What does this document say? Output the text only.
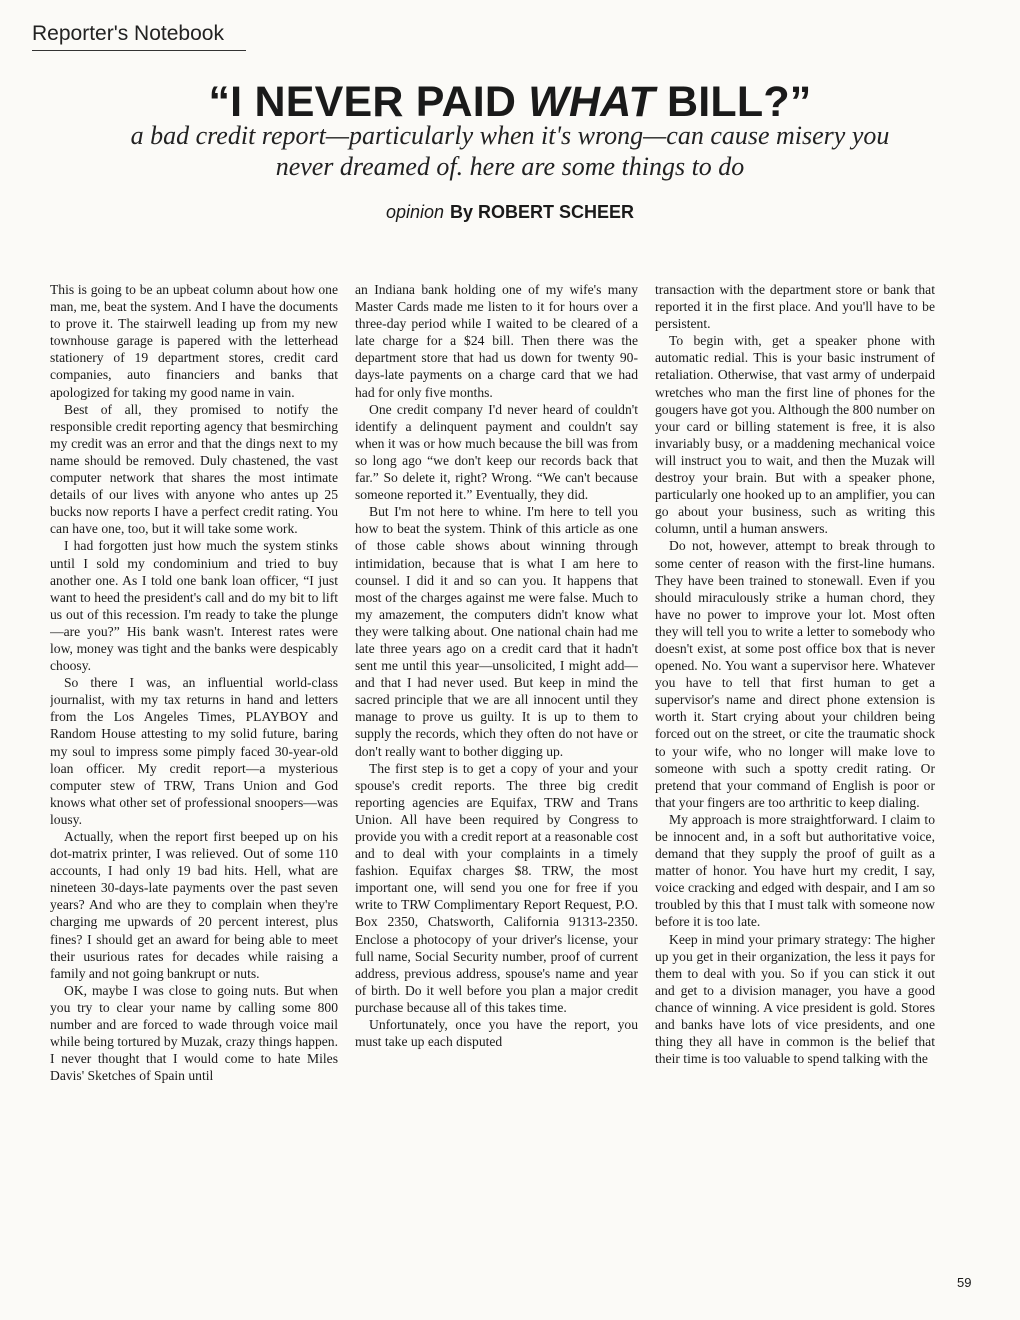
Reporter's Notebook
“I NEVER PAID WHAT BILL?”
a bad credit report—particularly when it's wrong—can cause misery you never dreamed of. here are some things to do
opinion By ROBERT SCHEER

This is going to be an upbeat column about how one man, me, beat the system. And I have the documents to prove it. The stairwell leading up from my new townhouse garage is papered with the letterhead stationery of 19 department stores, credit card companies, auto financiers and banks that apologized for taking my good name in vain.

Best of all, they promised to notify the responsible credit reporting agency that besmirching my credit was an error and that the dings next to my name should be removed. Duly chastened, the vast computer network that shares the most intimate details of our lives with anyone who antes up 25 bucks now reports I have a perfect credit rating. You can have one, too, but it will take some work.

I had forgotten just how much the system stinks until I sold my condominium and tried to buy another one. As I told one bank loan officer, “I just want to heed the president's call and do my bit to lift us out of this recession. I'm ready to take the plunge—are you?” His bank wasn't. Interest rates were low, money was tight and the banks were despicably choosy.

So there I was, an influential world-class journalist, with my tax returns in hand and letters from the Los Angeles Times, PLAYBOY and Random House attesting to my solid future, baring my soul to impress some pimply faced 30-year-old loan officer. My credit report—a mysterious computer stew of TRW, Trans Union and God knows what other set of professional snoopers—was lousy.

Actually, when the report first beeped up on his dot-matrix printer, I was relieved. Out of some 110 accounts, I had only 19 bad hits. Hell, what are nineteen 30-days-late payments over the past seven years? And who are they to complain when they're charging me upwards of 20 percent interest, plus fines? I should get an award for being able to meet their usurious rates for decades while raising a family and not going bankrupt or nuts.

OK, maybe I was close to going nuts. But when you try to clear your name by calling some 800 number and are forced to wade through voice mail while being tortured by Muzak, crazy things happen. I never thought that I would come to hate Miles Davis' Sketches of Spain until

an Indiana bank holding one of my wife's many Master Cards made me listen to it for hours over a three-day period while I waited to be cleared of a late charge for a $24 bill. Then there was the department store that had us down for twenty 90-days-late payments on a charge card that we had had for only five months.

One credit company I'd never heard of couldn't identify a delinquent payment and couldn't say when it was or how much because the bill was from so long ago “we don't keep our records back that far.” So delete it, right? Wrong. “We can't because someone reported it.” Eventually, they did.

But I'm not here to whine. I'm here to tell you how to beat the system. Think of this article as one of those cable shows about winning through intimidation, because that is what I am here to counsel. I did it and so can you. It happens that most of the charges against me were false. Much to my amazement, the computers didn't know what they were talking about. One national chain had me late three years ago on a credit card that it hadn't sent me until this year—unsolicited, I might add—and that I had never used. But keep in mind the sacred principle that we are all innocent until they manage to prove us guilty. It is up to them to supply the records, which they often do not have or don't really want to bother digging up.

The first step is to get a copy of your and your spouse's credit reports. The three big credit reporting agencies are Equifax, TRW and Trans Union. All have been required by Congress to provide you with a credit report at a reasonable cost and to deal with your complaints in a timely fashion. Equifax charges $8. TRW, the most important one, will send you one for free if you write to TRW Complimentary Report Request, P.O. Box 2350, Chatsworth, California 91313-2350. Enclose a photocopy of your driver's license, your full name, Social Security number, proof of current address, previous address, spouse's name and year of birth. Do it well before you plan a major credit purchase because all of this takes time.

Unfortunately, once you have the report, you must take up each disputed

transaction with the department store or bank that reported it in the first place. And you'll have to be persistent.

To begin with, get a speaker phone with automatic redial. This is your basic instrument of retaliation. Otherwise, that vast army of underpaid wretches who man the first line of phones for the gougers have got you. Although the 800 number on your card or billing statement is free, it is also invariably busy, or a maddening mechanical voice will instruct you to wait, and then the Muzak will destroy your brain. But with a speaker phone, particularly one hooked up to an amplifier, you can go about your business, such as writing this column, until a human answers.

Do not, however, attempt to break through to some center of reason with the first-line humans. They have been trained to stonewall. Even if you should miraculously strike a human chord, they have no power to improve your lot. Most often they will tell you to write a letter to somebody who doesn't exist, at some post office box that is never opened. No. You want a supervisor here. Whatever you have to tell that first human to get a supervisor's name and direct phone extension is worth it. Start crying about your children being forced out on the street, or cite the traumatic shock to your wife, who no longer will make love to someone with such a spotty credit rating. Or pretend that your command of English is poor or that your fingers are too arthritic to keep dialing.

My approach is more straightforward. I claim to be innocent and, in a soft but authoritative voice, demand that they supply the proof of guilt as a matter of honor. You have hurt my credit, I say, voice cracking and edged with despair, and I am so troubled by this that I must talk with someone now before it is too late.

Keep in mind your primary strategy: The higher up you get in their organization, the less it pays for them to deal with you. So if you can stick it out and get to a division manager, you have a good chance of winning. A vice president is gold. Stores and banks have lots of vice presidents, and one thing they all have in common is the belief that their time is too valuable to spend talking with the

59
